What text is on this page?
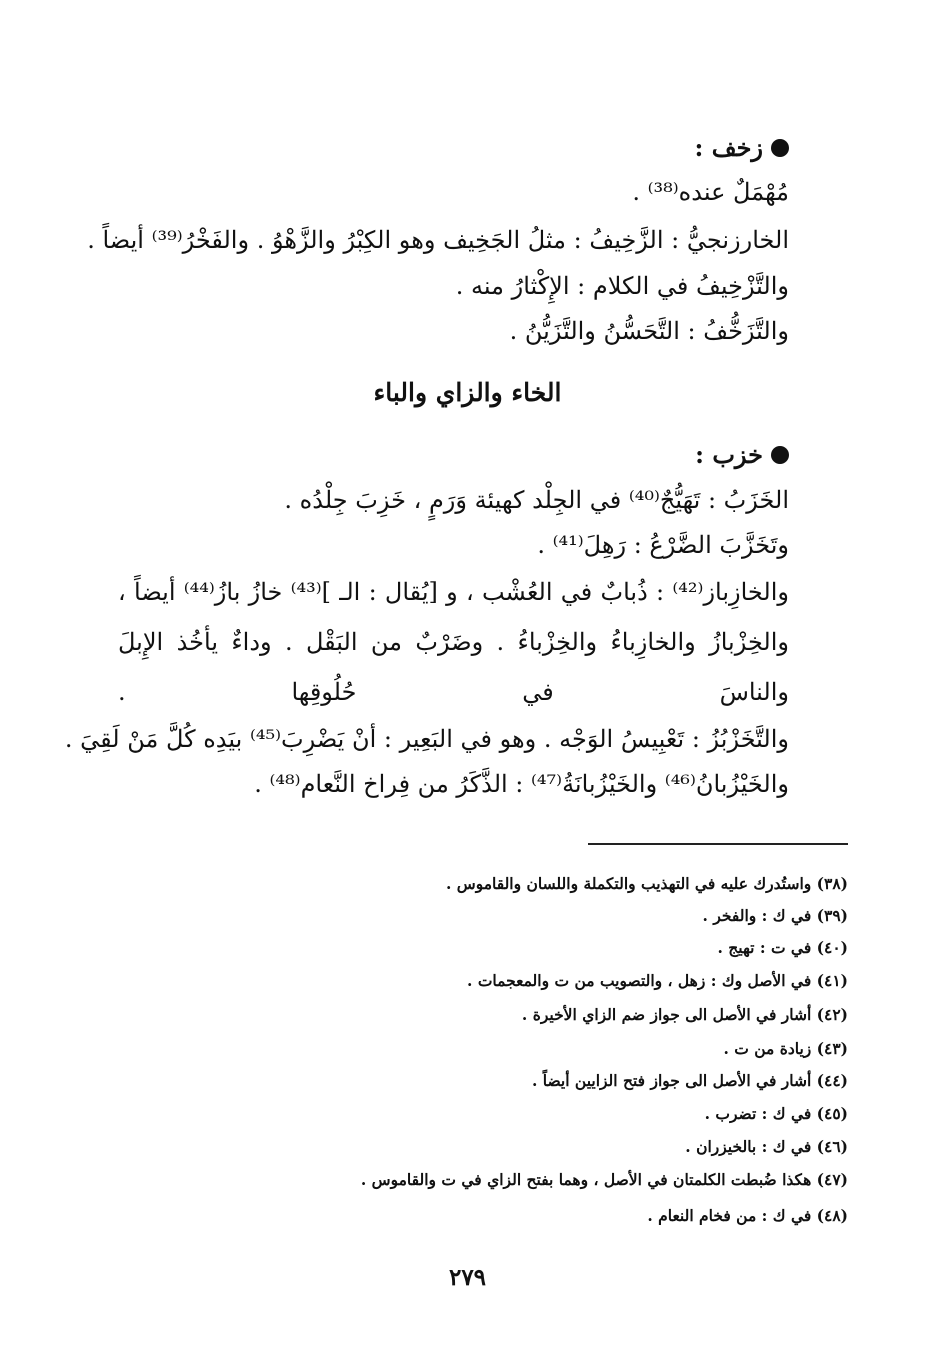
زخف :
مُهْمَلٌ عنده⁽³⁸⁾ .
الخارزنجيُّ : الزَّخِيفُ : مثلُ الجَخِيف وهو الكِبْرُ والزَّهْوُ . والفَخْرُ⁽³⁹⁾ أيضاً .
والتَّزْخِيفُ في الكلام : الإِكْثارُ منه .
والتَّزَخُّفُ : التَّحَسُّنُ والتَّزَيُّنُ .
الخاء والزاي والباء
خزب :
الخَزَبُ : تَهَيُّجٌ⁽⁴⁰⁾ في الجِلْد كهيئة وَرَمٍ ، خَزِبَ جِلْدُه .
وتَخَزَّبَ الضَّرْعُ : رَهِلَ⁽⁴¹⁾ .
والخازِباز⁽⁴²⁾ : ذُبابٌ في العُشْب ، و [يُقال : الـ ]⁽⁴³⁾ خازُ بازُ⁽⁴⁴⁾ أيضاً ، والخِزْبازُ والخازِباءُ والخِزْباءُ . وضَرْبٌ من البَقْل . وداءٌ يأخُذ الإِبلَ والناسَ في حُلُوقِها .
والتَّخَزْبُزُ : تَعْبِيسُ الوَجْه . وهو في البَعِير : أنْ يَضْرِبَ⁽⁴⁵⁾ بيَدِه كُلَّ مَنْ لَقِيَ .
والخَيْزُبانُ⁽⁴⁶⁾ والخَيْزُبانَةُ⁽⁴⁷⁾ : الذَّكَرُ من فِراخ النَّعام⁽⁴⁸⁾ .
(٣٨) واستُدرك عليه في التهذيب والتكملة واللسان والقاموس .
(٣٩) في ك : والفخر .
(٤٠) في ت : تهيج .
(٤١) في الأصل وك : زهل ، والتصويب من ت والمعجمات .
(٤٢) أشار في الأصل الى جواز ضم الزاي الأخيرة .
(٤٣) زيادة من ت .
(٤٤) أشار في الأصل الى جواز فتح الزايين أيضاً .
(٤٥) في ك : تضرب .
(٤٦) في ك : بالخيزران .
(٤٧) هكذا ضُبطت الكلمتان في الأصل ، وهما بفتح الزاي في ت والقاموس .
(٤٨) في ك : من فخام النعام .
٢٧٩
